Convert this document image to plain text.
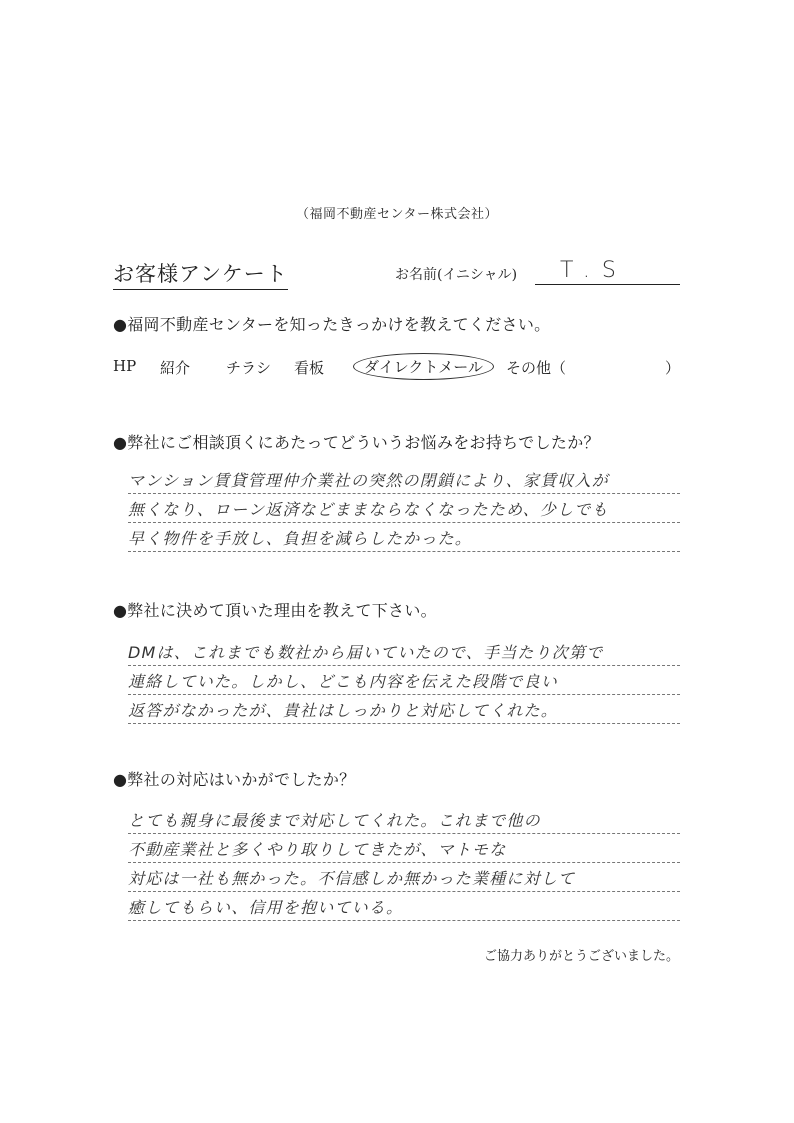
（福岡不動産センター株式会社）
お客様アンケート	お名前(イニシャル) T.S
●福岡不動産センターを知ったきっかけを教えてください。
HP 紹介 チラシ 看板	ダイレクトメール	その他（	）
●弊社にご相談頂くにあたってどういうお悩みをお持ちでしたか？
マンション賃貸管理仲介業社の突然の閉鎖により、家賃収入が
無くなり、ローン返済などままならなくなったため、少しでも
早く物件を手放し、負担を減らしたかった。
●弊社に決めて頂いた理由を教えて下さい。
DMは、これまでも数社から届いていたので、手当たり次第で
連絡していた。しかし、どこも内容を伝えた段階で良い
返答がなかったが、貴社はしっかりと対応してくれた。
●弊社の対応はいかがでしたか？
とても親身に最後まで対応してくれた。これまで他の
不動産業社と多くやり取りしてきたが、マトモな
対応は一社も無かった。不信感しか無かった業種に対して
癒してもらい、信用を抱いている。
ご協力ありがとうございました。
